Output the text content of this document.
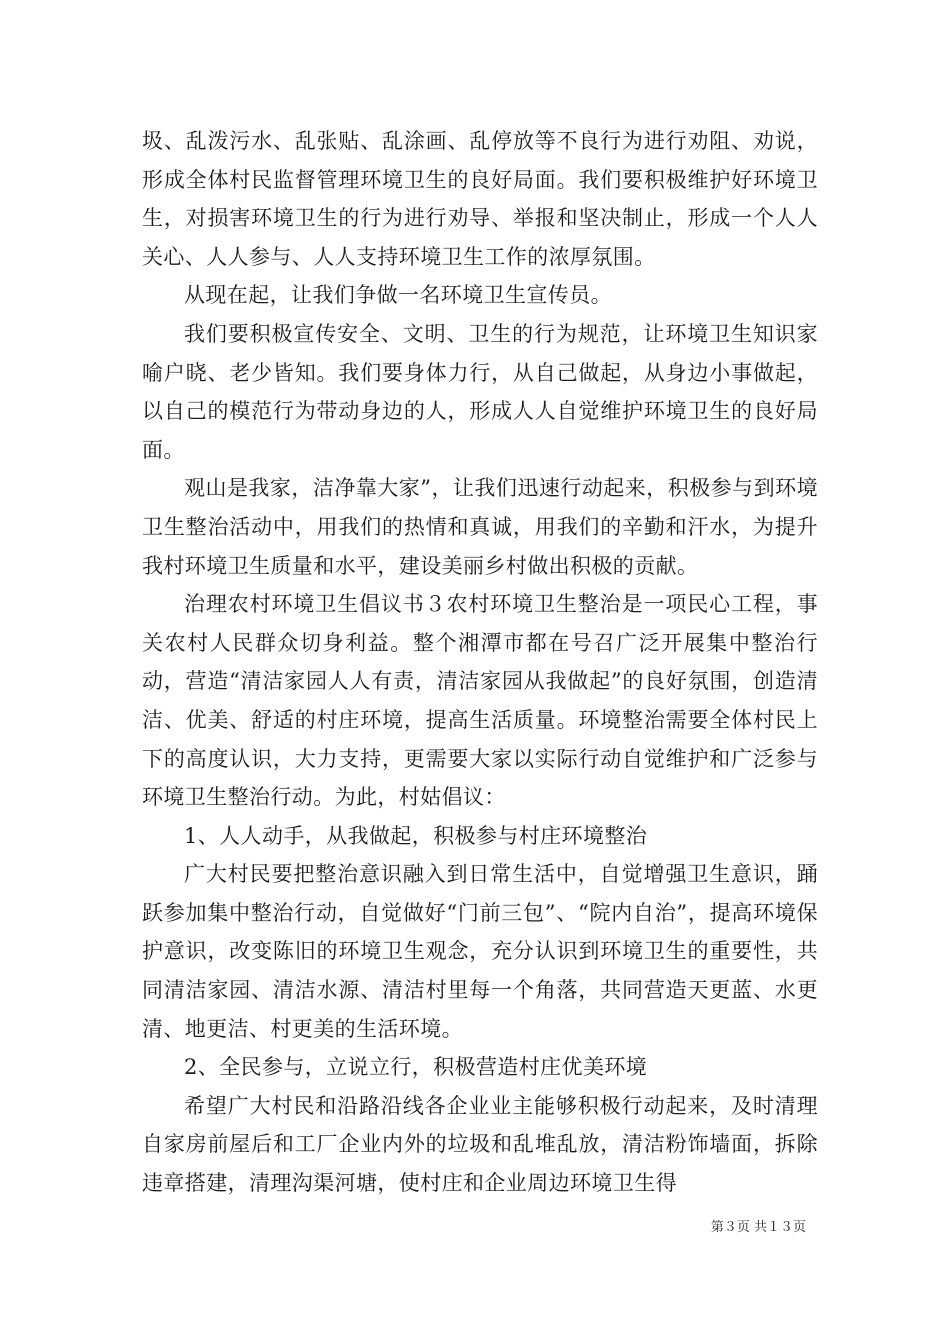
圾、乱泼污水、乱张贴、乱涂画、乱停放等不良行为进行劝阻、劝说，形成全体村民监督管理环境卫生的良好局面。我们要积极维护好环境卫生，对损害环境卫生的行为进行劝导、举报和坚决制止，形成一个人人关心、人人参与、人人支持环境卫生工作的浓厚氛围。

从现在起，让我们争做一名环境卫生宣传员。

我们要积极宣传安全、文明、卫生的行为规范，让环境卫生知识家喻户晓、老少皆知。我们要身体力行，从自己做起，从身边小事做起，以自己的模范行为带动身边的人，形成人人自觉维护环境卫生的良好局面。

观山是我家，洁净靠大家”，让我们迅速行动起来，积极参与到环境卫生整治活动中，用我们的热情和真诚，用我们的辛勤和汗水，为提升我村环境卫生质量和水平，建设美丽乡村做出积极的贡献。

治理农村环境卫生倡议书３农村环境卫生整治是一项民心工程，事关农村人民群众切身利益。整个湘潭市都在号召广泛开展集中整治行动，营造“清洁家园人人有责，清洁家园从我做起”的良好氛围，创造清洁、优美、舒适的村庄环境，提高生活质量。环境整治需要全体村民上下的高度认识，大力支持，更需要大家以实际行动自觉维护和广泛参与环境卫生整治行动。为此，村姑倡议：

1、人人动手，从我做起，积极参与村庄环境整治

广大村民要把整治意识融入到日常生活中，自觉增强卫生意识，踊跃参加集中整治行动，自觉做好“门前三包”、“院内自治”，提高环境保护意识，改变陈旧的环境卫生观念，充分认识到环境卫生的重要性，共同清洁家园、清洁水源、清洁村里每一个角落，共同营造天更蓝、水更清、地更洁、村更美的生活环境。

2、全民参与，立说立行，积极营造村庄优美环境

希望广大村民和沿路沿线各企业业主能够积极行动起来，及时清理自家房前屋后和工厂企业内外的垃圾和乱堆乱放，清洁粉饰墙面，拆除违章搭建，清理沟渠河塘，使村庄和企业周边环境卫生得

第３页 共１３页
